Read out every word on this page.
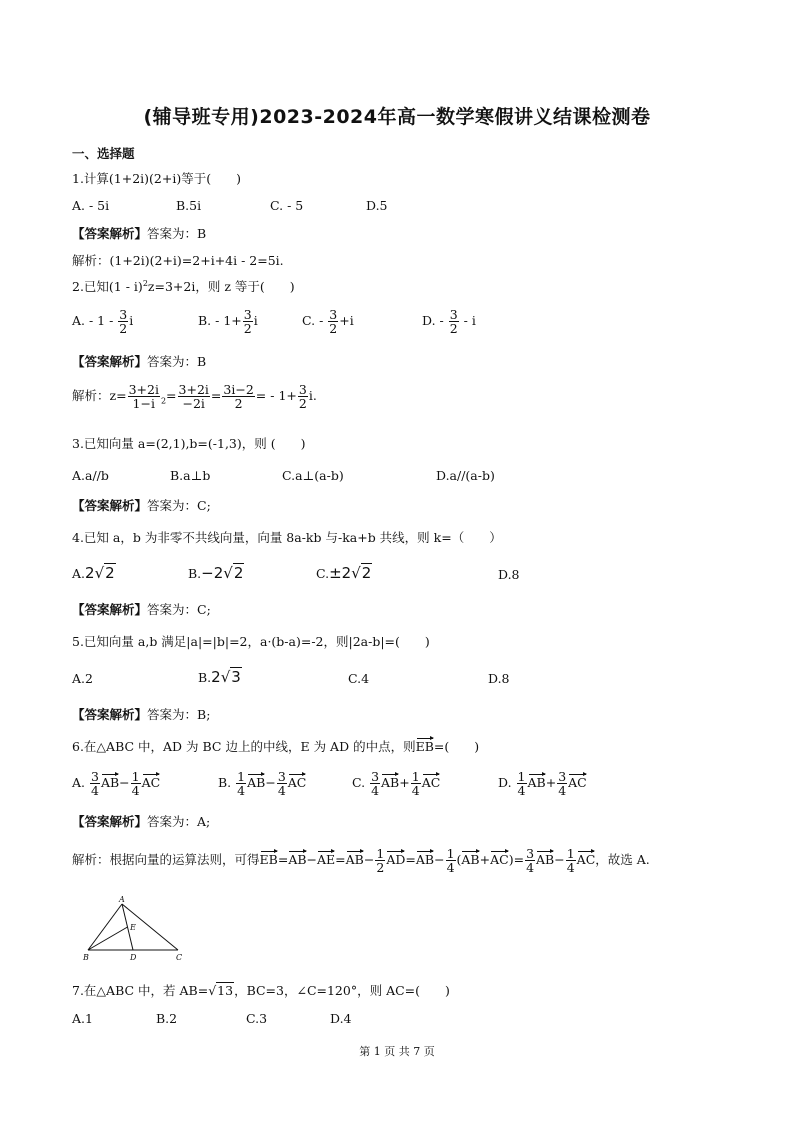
(辅导班专用)2023-2024年高一数学寒假讲义结课检测卷
一、选择题
1.计算(1+2i)(2+i)等于(　　)
A. - 5i	B.5i	C. - 5	D.5
【答案解析】答案为：B
解析：(1+2i)(2+i)=2+i+4i - 2=5i.
2.已知(1 - i)$^2$z=3+2i，则 z 等于(　　)
A. - $1 - \frac{3}{2}$ i	B. - $1+ \frac{3}{2}$ i	C. - $\frac{3}{2} +i$	D. - $\frac{3}{2}$ - i
【答案解析】答案为：B
解析：$z= \frac{3+2i}{1-i} _2= \frac{3+2i}{-2i} = \frac{3i-2}{2}$ = - $1+ \frac{3}{2} i$.
3.已知向量 a=(2,1),b=(-1,3)，则 (　　)
A.a//b	B.a⊥b	C.a⊥(a-b)	D.a//(a-b)
【答案解析】答案为：C;
4.已知 a，b 为非零不共线向量，向量 8a-kb 与-ka+b 共线，则 k=（　　）
A.2√2	B.−2√2	C.±2√2	D.8
【答案解析】答案为：C;
5.已知向量 a,b 满足|a|=|b|=2，a·(b-a)=-2，则|2a-b|=(　　)
A.2	B.2√3	C.4	D.8
【答案解析】答案为：B;
6.在△ABC 中，AD 为 BC 边上的中线，E 为 AD 的中点，则EB=(　　)
A. $\frac{3}{4} AB- \frac{1}{4}$ AC	B. $\frac{1}{4} AB- \frac{3}{4}$ AC	C. $\frac{3}{4} AB+ \frac{1}{4}$ AC	D. $\frac{1}{4} AB+ \frac{3}{4}$ AC
【答案解析】答案为：A;
解析：根据向量的运算法则，可得$EB=AB-AE=AB- \frac{1}{2} AD=AB- \frac{1}{4} (AB+AC)= \frac{3}{4} AB- \frac{1}{4}$ AC，故选 A.
A
B	C
D
E
7.在△ABC 中，若 AB=√13，BC=3，∠C=120°，则 AC=(　　)
A.1	B.2	C.3	D.4
第 1 页 共 7 页
